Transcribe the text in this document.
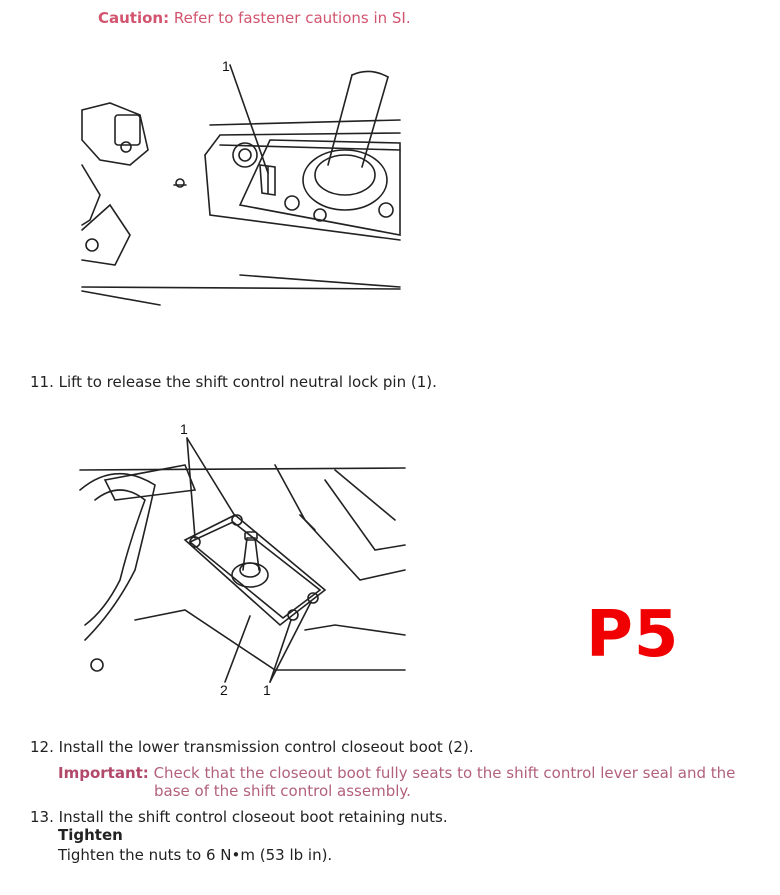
Caution: Refer to fastener cautions in SI.
1
11. Lift to release the shift control neutral lock pin (1).
1
2	1
P5
12. Install the lower transmission control closeout boot (2).
Important: Check that the closeout boot fully seats to the shift control lever seal and the
base of the shift control assembly.
13. Install the shift control closeout boot retaining nuts.
Tighten
Tighten the nuts to 6 N•m (53 lb in).
